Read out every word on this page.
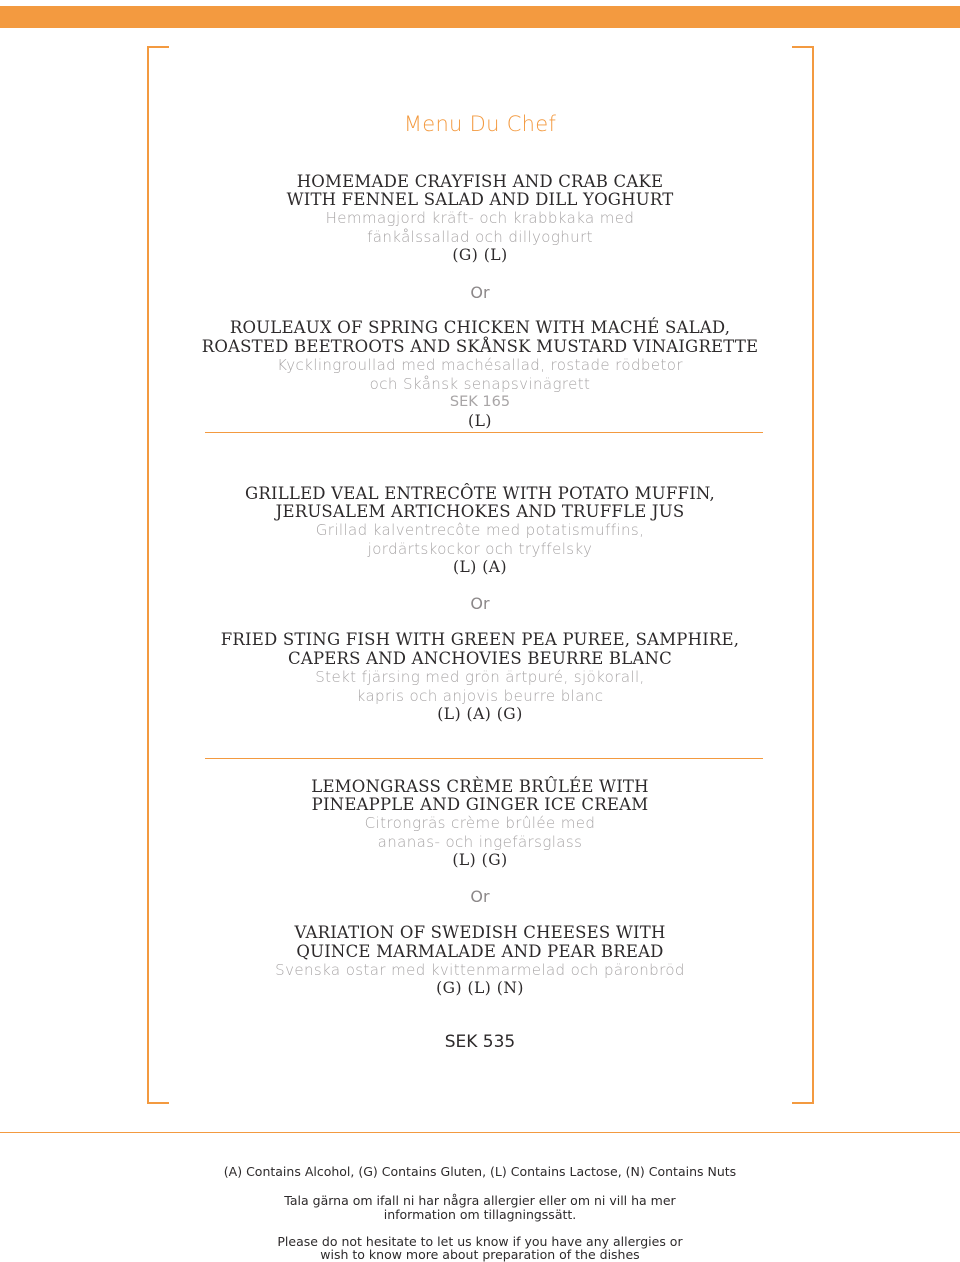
Menu Du Chef
HOMEMADE CRAYFISH AND CRAB CAKE
WITH FENNEL SALAD AND DILL YOGHURT
Hemmagjord kräft- och krabbkaka med
fänkålssallad och dillyoghurt
(G) (L)
Or
ROULEAUX OF SPRING CHICKEN WITH MACHÉ SALAD,
ROASTED BEETROOTS AND SKÅNSK MUSTARD VINAIGRETTE
Kycklingroullad med machésallad, rostade rödbetor
och Skånsk senapsvinägrett
SEK 165
(L)
GRILLED VEAL ENTRECÔTE WITH POTATO MUFFIN,
JERUSALEM ARTICHOKES AND TRUFFLE JUS
Grillad kalventrecôte med potatismuffins,
jordärtskockor och tryffelsky
(L) (A)
Or
FRIED STING FISH WITH GREEN PEA PUREE, SAMPHIRE,
CAPERS AND ANCHOVIES BEURRE BLANC
Stekt fjärsing med grön ärtpuré, sjökorall,
kapris och anjovis beurre blanc
(L) (A) (G)
LEMONGRASS CRÈME BRÛLÉE WITH
PINEAPPLE AND GINGER ICE CREAM
Citrongräs crème brûlée med
ananas- och ingefärsglass
(L) (G)
Or
VARIATION OF SWEDISH CHEESES WITH
QUINCE MARMALADE AND PEAR BREAD
Svenska ostar med kvittenmarmelad och päronbröd
(G) (L) (N)
SEK 535
(A) Contains Alcohol, (G) Contains Gluten, (L) Contains Lactose, (N) Contains Nuts
Tala gärna om ifall ni har några allergier eller om ni vill ha mer
information om tillagningssätt.
Please do not hesitate to let us know if you have any allergies or
wish to know more about preparation of the dishes
